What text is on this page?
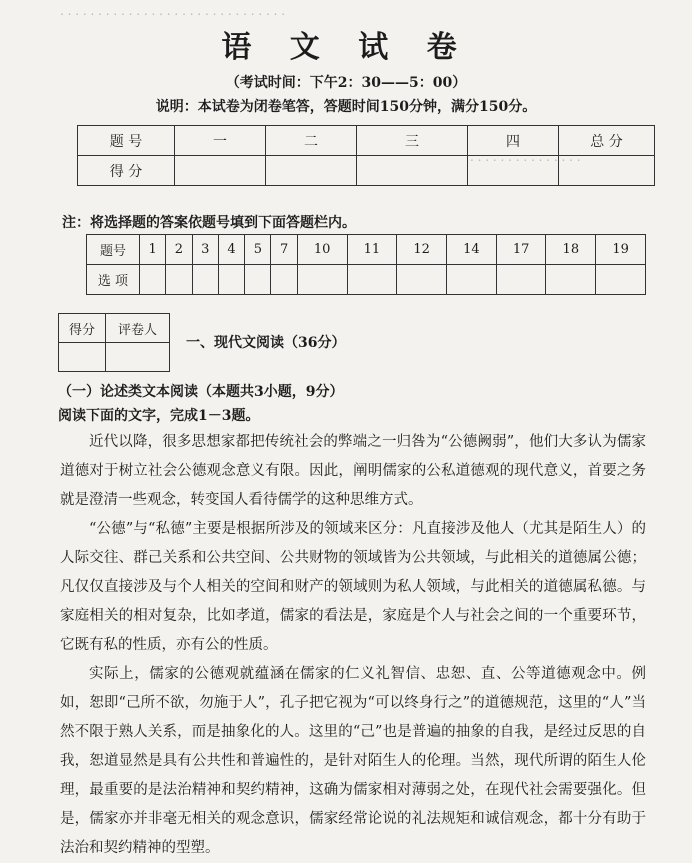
. . . . . . . . . . . . . . . . . . . . . . . . . . . . . .
. . . . . . . . . . . . . . .
语 文 试 卷
（考试时间：下午2：30——5：00）
说明：本试卷为闭卷笔答，答题时间150分钟，满分150分。
题 号	一	二	三	四	总 分
得 分					
注：将选择题的答案依题号填到下面答题栏内。
题号	1	2	3	4	5	7	10	11	12	14	17	18	19
选 项													
得分	评卷人

一、现代文阅读（36分）
（一）论述类文本阅读（本题共3小题，9分）
阅读下面的文字，完成1－3题。
近代以降，很多思想家都把传统社会的弊端之一归咎为“公德阙弱”，他们大多认为儒家道德对于树立社会公德观念意义有限。因此，阐明儒家的公私道德观的现代意义，首要之务就是澄清一些观念，转变国人看待儒学的这种思维方式。
“公德”与“私德”主要是根据所涉及的领域来区分：凡直接涉及他人（尤其是陌生人）的人际交往、群己关系和公共空间、公共财物的领域皆为公共领域，与此相关的道德属公德；凡仅仅直接涉及与个人相关的空间和财产的领域则为私人领域，与此相关的道德属私德。与家庭相关的相对复杂，比如孝道，儒家的看法是，家庭是个人与社会之间的一个重要环节，它既有私的性质，亦有公的性质。
实际上，儒家的公德观就蕴涵在儒家的仁义礼智信、忠恕、直、公等道德观念中。例如，恕即“己所不欲，勿施于人”，孔子把它视为“可以终身行之”的道德规范，这里的“人”当然不限于熟人关系，而是抽象化的人。这里的“己”也是普遍的抽象的自我，是经过反思的自我，恕道显然是具有公共性和普遍性的，是针对陌生人的伦理。当然，现代所谓的陌生人伦理，最重要的是法治精神和契约精神，这确为儒家相对薄弱之处，在现代社会需要强化。但是，儒家亦并非毫无相关的观念意识，儒家经常论说的礼法规矩和诚信观念，都十分有助于法治和契约精神的型塑。
